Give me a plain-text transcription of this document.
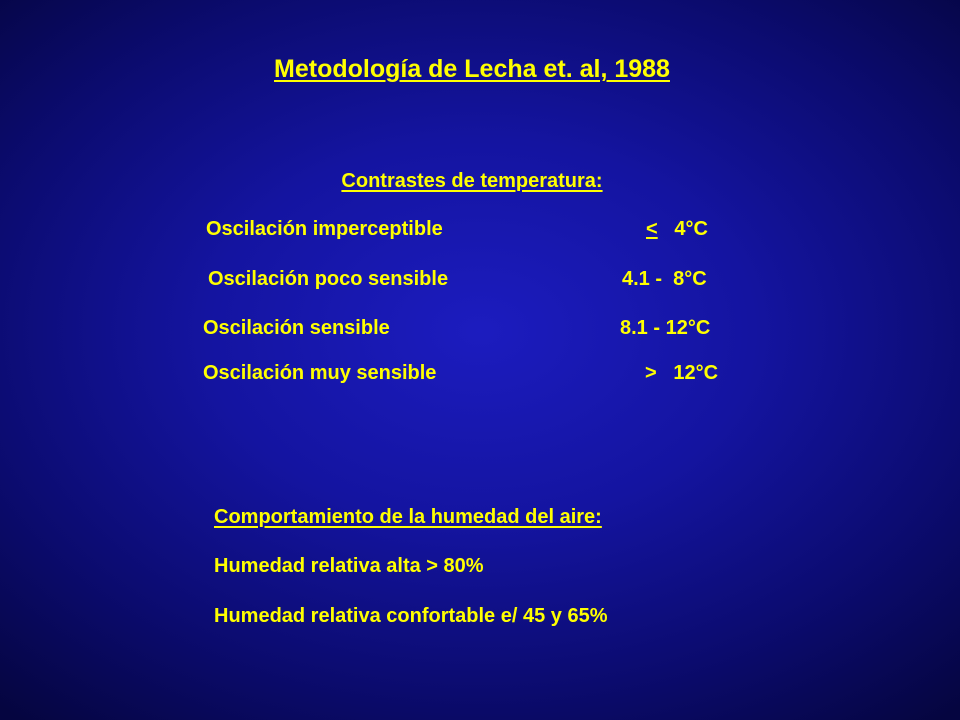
Metodología de Lecha et. al, 1988
Contrastes de temperatura:
Oscilación imperceptible	≤ 4°C
Oscilación poco sensible	4.1 -  8°C
Oscilación sensible	8.1 - 12°C
Oscilación muy sensible	>   12°C
Comportamiento de la humedad del aire:
Humedad relativa alta > 80%
Humedad relativa confortable e/ 45 y 65%
